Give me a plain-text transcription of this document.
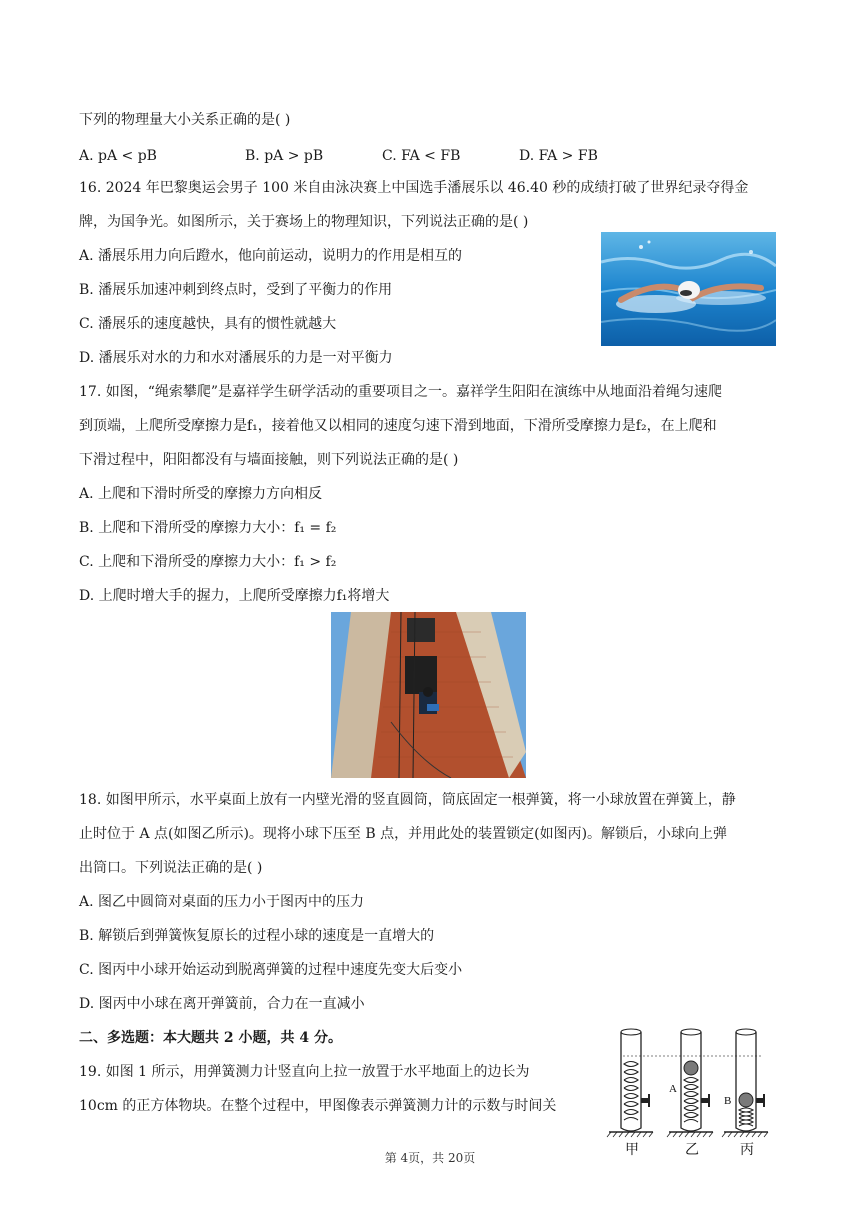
下列的物理量大小关系正确的是( )
A. pA < pB	B. pA > pB	C. FA < FB	D. FA > FB
16. 2024 年巴黎奥运会男子 100 米自由泳决赛上中国选手潘展乐以 46.40 秒的成绩打破了世界纪录夺得金
牌，为国争光。如图所示，关于赛场上的物理知识，下列说法正确的是( )
A. 潘展乐用力向后蹬水，他向前运动，说明力的作用是相互的
B. 潘展乐加速冲刺到终点时，受到了平衡力的作用
C. 潘展乐的速度越快，具有的惯性就越大
D. 潘展乐对水的力和水对潘展乐的力是一对平衡力
17. 如图，“绳索攀爬”是嘉祥学生研学活动的重要项目之一。嘉祥学生阳阳在演练中从地面沿着绳匀速爬
到顶端，上爬所受摩擦力是f₁，接着他又以相同的速度匀速下滑到地面，下滑所受摩擦力是f₂，在上爬和
下滑过程中，阳阳都没有与墙面接触，则下列说法正确的是( )
A. 上爬和下滑时所受的摩擦力方向相反
B. 上爬和下滑所受的摩擦力大小：f₁ = f₂
C. 上爬和下滑所受的摩擦力大小：f₁ > f₂
D. 上爬时增大手的握力，上爬所受摩擦力f₁将增大
18. 如图甲所示，水平桌面上放有一内壁光滑的竖直圆筒，筒底固定一根弹簧，将一小球放置在弹簧上，静
止时位于 A 点(如图乙所示)。现将小球下压至 B 点，并用此处的装置锁定(如图丙)。解锁后，小球向上弹
出筒口。下列说法正确的是( )
A. 图乙中圆筒对桌面的压力小于图丙中的压力
B. 解锁后到弹簧恢复原长的过程小球的速度是一直增大的
C. 图丙中小球开始运动到脱离弹簧的过程中速度先变大后变小
D. 图丙中小球在离开弹簧前，合力在一直减小
二、多选题：本大题共 2 小题，共 4 分。
19. 如图 1 所示，用弹簧测力计竖直向上拉一放置于水平地面上的边长为
10cm 的正方体物块。在整个过程中，甲图像表示弹簧测力计的示数与时间关
A
B
甲	乙	丙
第 4页，共 20页
